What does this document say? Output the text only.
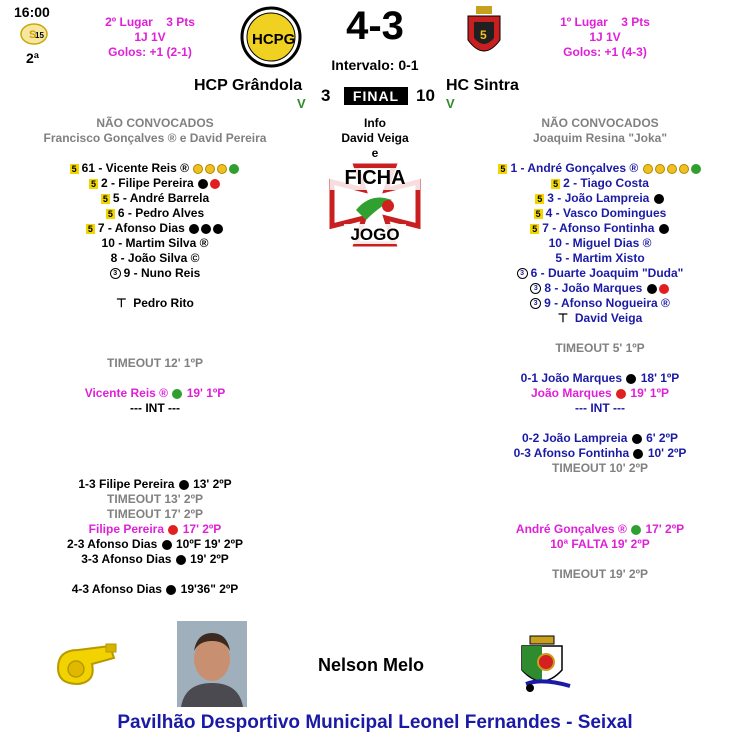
16:00
S
15
2ª
2º Lugar 3 Pts
1J 1V
Golos: +1 (2-1)
HCPG	4-3
Intervalo: 0-1
5
1º Lugar 3 Pts
1J 1V
Golos: +1 (4-3)
HCP Grândola
V 3	FINAL 10
HC Sintra
V
Info
David Veiga
e
FICHA
JOGO
NÃO CONVOCADOS
Francisco Gonçalves ® e David Pereira
5 61 - Vicente Reis ®
5 2 - Filipe Pereira
5 5 - André Barrela
5 6 - Pedro Alves
5 7 - Afonso Dias
10 - Martim Silva ®
8 - João Silva ©
3 9 - Nuno Reis
⊤ Pedro Rito
TIMEOUT 12' 1ºP
Vicente Reis ® 19' 1ºP
--- INT ---
1-3 Filipe Pereira 13' 2ºP
TIMEOUT 13' 2ºP
TIMEOUT 17' 2ºP
Filipe Pereira 17' 2ºP
2-3 Afonso Dias 10ºF 19' 2ºP
3-3 Afonso Dias 19' 2ºP
4-3 Afonso Dias 19'36" 2ºP
NÃO CONVOCADOS
Joaquim Resina "Joka"
5 1 - André Gonçalves ®
5 2 - Tiago Costa
5 3 - João Lampreia
5 4 - Vasco Domingues
5 7 - Afonso Fontinha
10 - Miguel Dias ®
5 - Martim Xisto
3 6 - Duarte Joaquim "Duda"
3 8 - João Marques
3 9 - Afonso Nogueira ®
⊤ David Veiga
TIMEOUT 5' 1ºP
0-1 João Marques 18' 1ºP
João Marques 19' 1ºP
--- INT ---
0-2 João Lampreia 6' 2ºP
0-3 Afonso Fontinha 10' 2ºP
TIMEOUT 10' 2ºP
André Gonçalves ® 17' 2ºP
10ª FALTA 19' 2ºP
TIMEOUT 19' 2ºP
Nelson Melo
Pavilhão Desportivo Municipal Leonel Fernandes - Seixal
